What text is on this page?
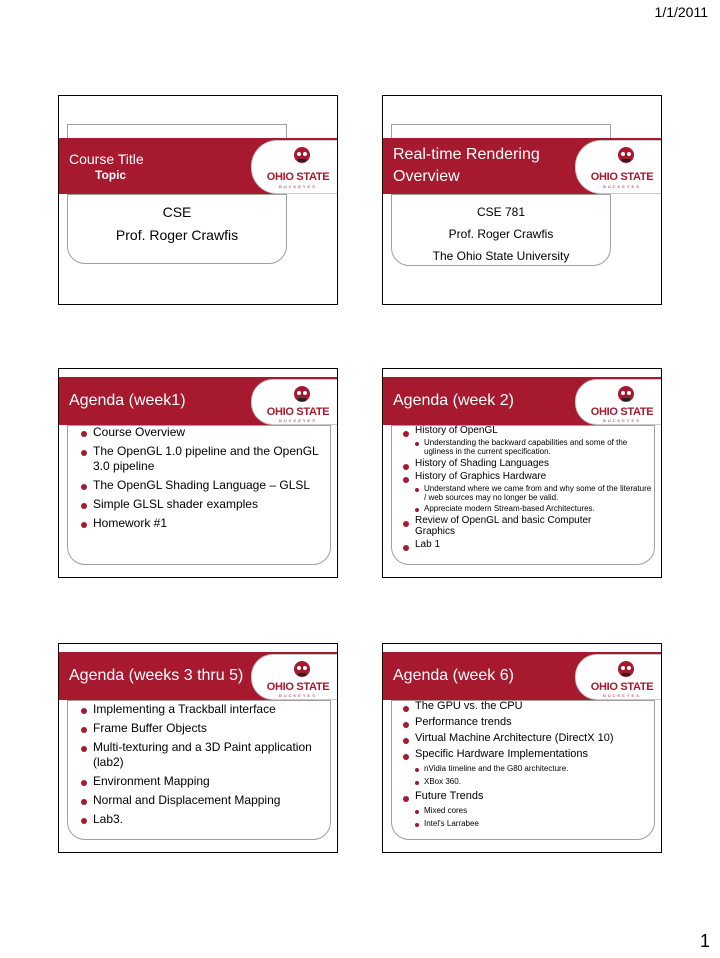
1/1/2011
Course Title
Topic	OHIO STATE
BUCKEYES
CSE
Prof. Roger Crawfis
Real-time Rendering
Overview	OHIO STATE
BUCKEYES
CSE 781
Prof. Roger Crawfis
The Ohio State University
Agenda (week1)
OHIO STATE
BUCKEYES
Course Overview
The OpenGL 1.0 pipeline and the OpenGL 3.0 pipeline
The OpenGL Shading Language – GLSL
Simple GLSL shader examples
Homework #1
Agenda (week 2)
OHIO STATE
BUCKEYES
History of OpenGL
Understanding the backward capabilities and some of the ugliness in the current specification.
History of Shading Languages
History of Graphics Hardware
Understand where we came from and why some of the literature / web sources may no longer be valid.
Appreciate modern Stream-based Architectures.
Review of OpenGL and basic Computer Graphics
Lab 1
Agenda (weeks 3 thru 5)
OHIO STATE
BUCKEYES
Implementing a Trackball interface
Frame Buffer Objects
Multi-texturing and a 3D Paint application (lab2)
Environment Mapping
Normal and Displacement Mapping
Lab3.
Agenda (week 6)
OHIO STATE
BUCKEYES
The GPU vs. the CPU
Performance trends
Virtual Machine Architecture (DirectX 10)
Specific Hardware Implementations
nVidia timeline and the G80 architecture.
XBox 360.
Future Trends
Mixed cores
Intel's Larrabee
1
